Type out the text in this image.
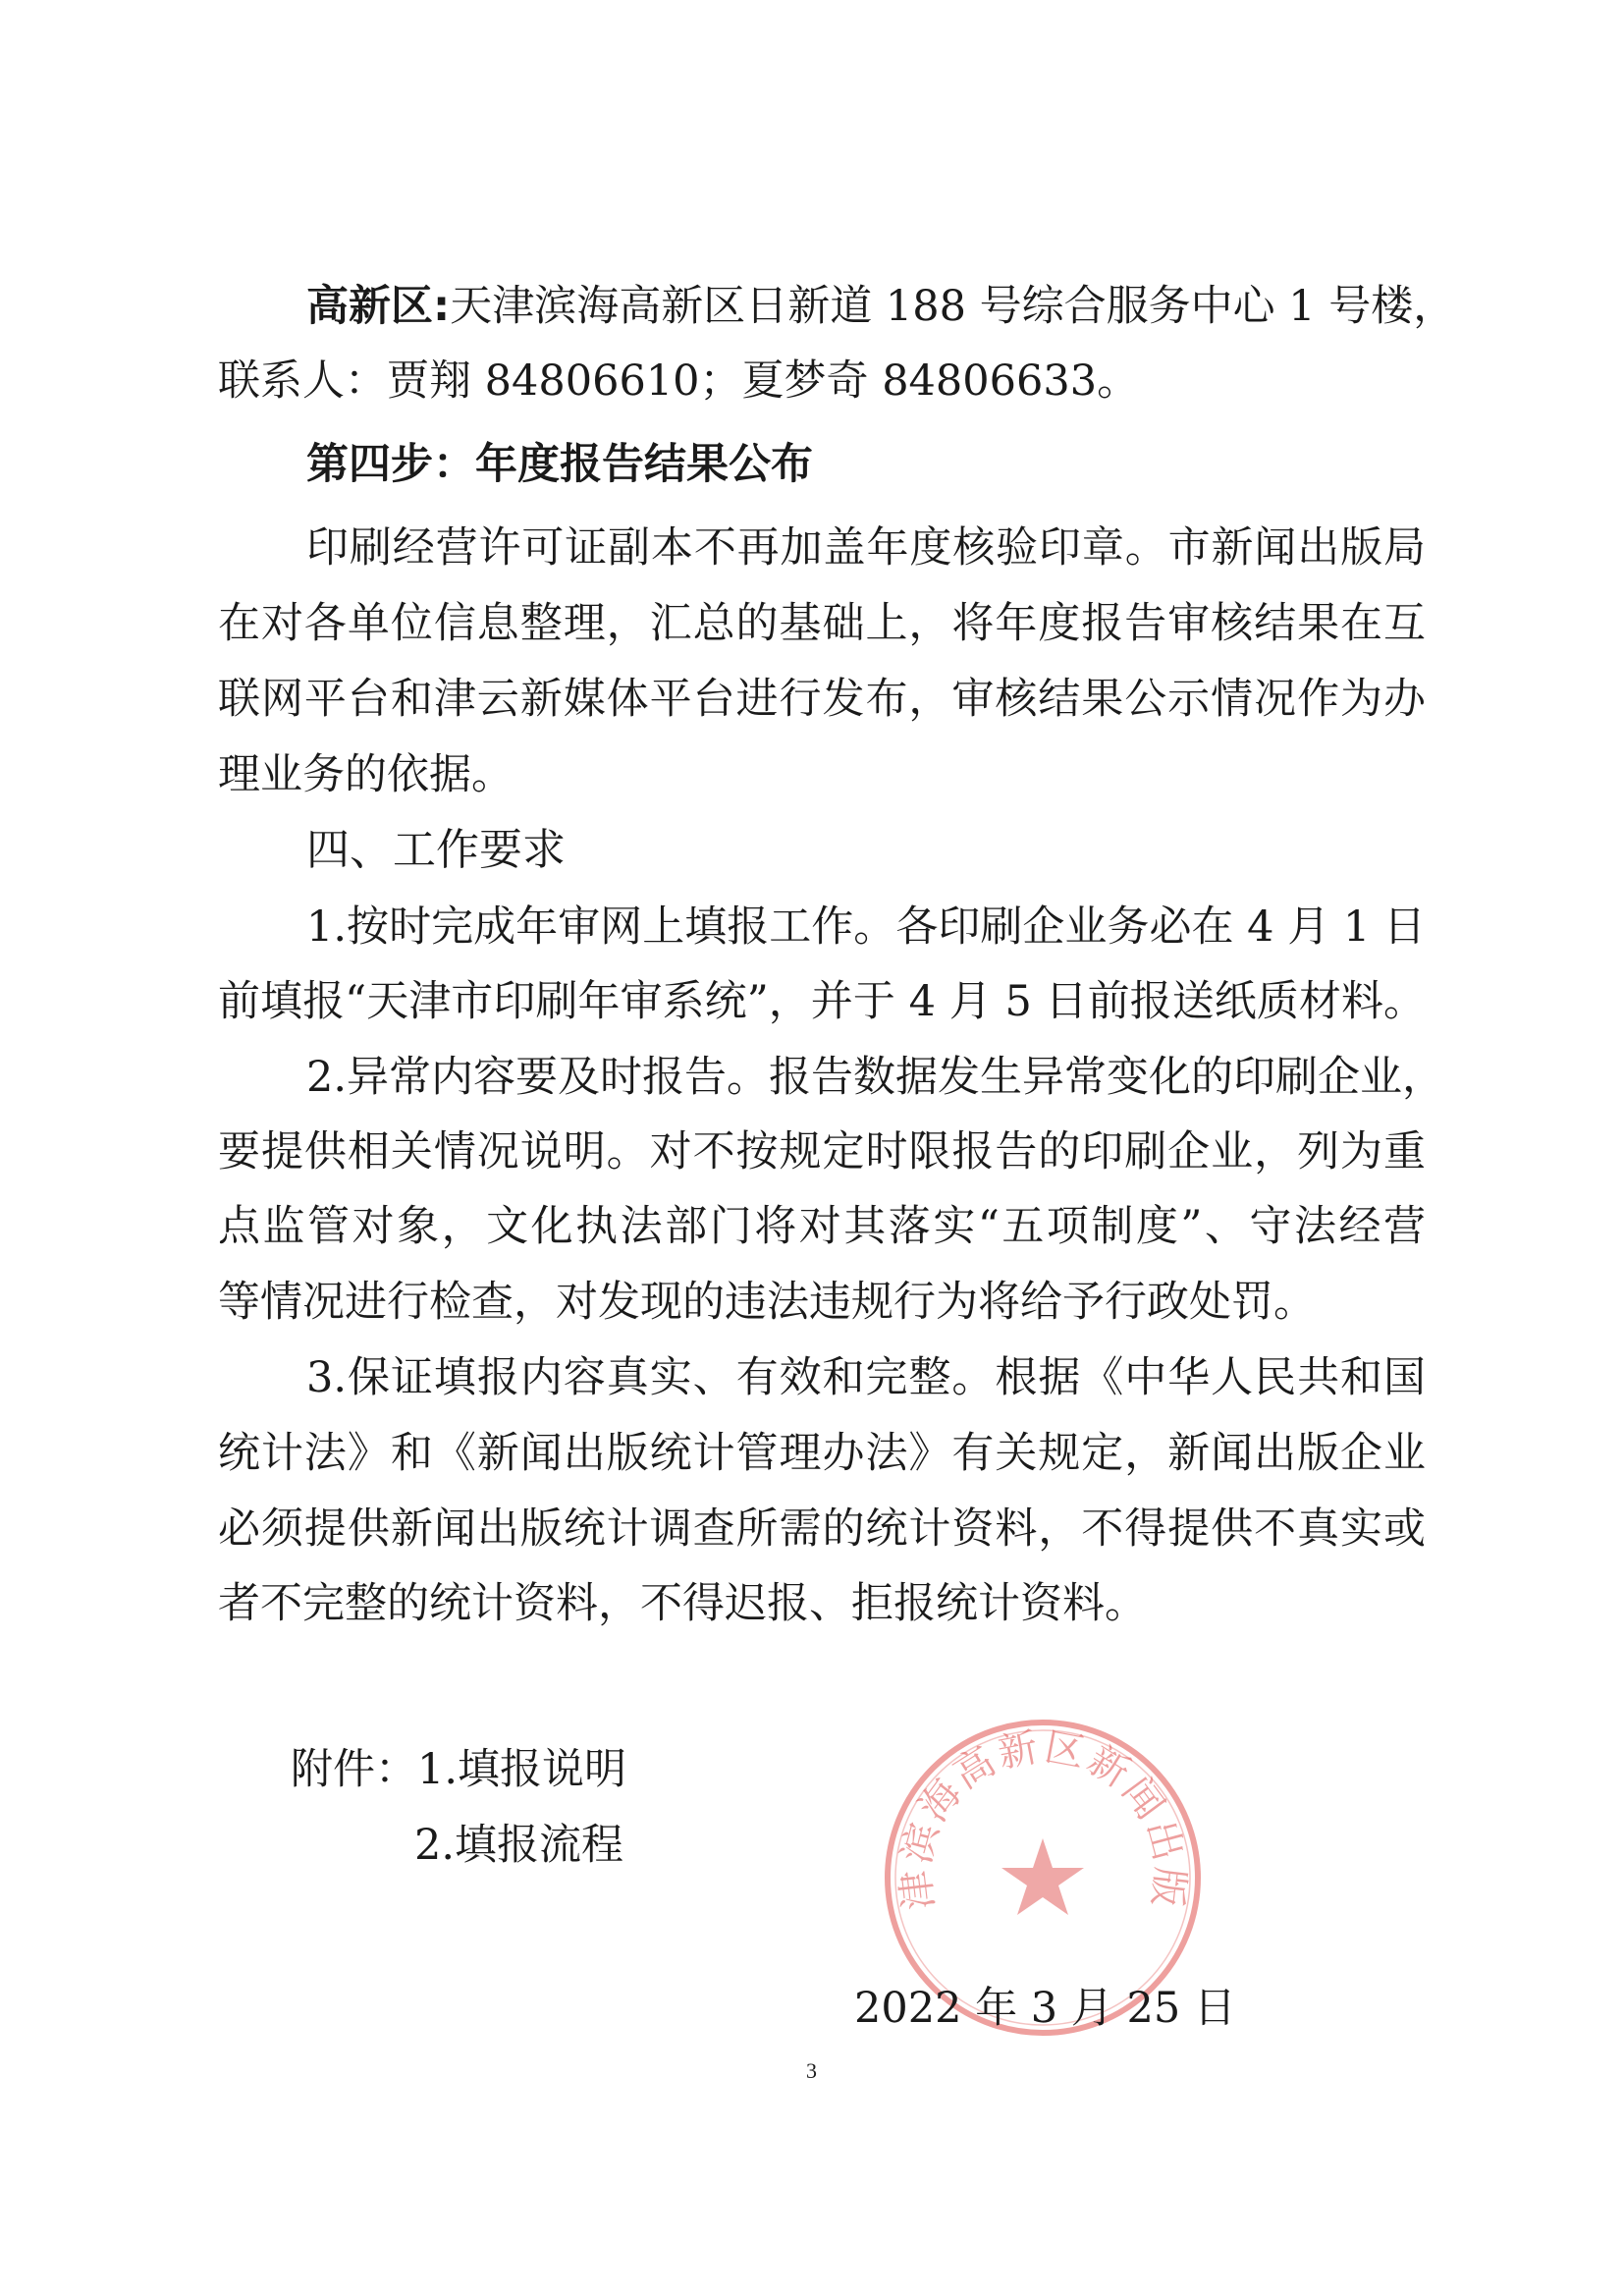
高新区:天津滨海高新区日新道 188 号综合服务中心 1 号楼，
联系人：贾翔 84806610；夏梦奇 84806633。
第四步：年度报告结果公布
印刷经营许可证副本不再加盖年度核验印章。市新闻出版局
在对各单位信息整理，汇总的基础上，将年度报告审核结果在互
联网平台和津云新媒体平台进行发布，审核结果公示情况作为办
理业务的依据。
四、工作要求
1.按时完成年审网上填报工作。各印刷企业务必在 4 月 1 日
前填报“天津市印刷年审系统”，并于 4 月 5 日前报送纸质材料。
2.异常内容要及时报告。报告数据发生异常变化的印刷企业，
要提供相关情况说明。对不按规定时限报告的印刷企业，列为重
点监管对象，文化执法部门将对其落实“五项制度”、守法经营
等情况进行检查，对发现的违法违规行为将给予行政处罚。
3.保证填报内容真实、有效和完整。根据《中华人民共和国
统计法》和《新闻出版统计管理办法》有关规定，新闻出版企业
必须提供新闻出版统计调查所需的统计资料，不得提供不真实或
者不完整的统计资料，不得迟报、拒报统计资料。
附件：1.填报说明
2.填报流程
津滨海高新区新闻出版
2022 年 3 月 25 日
3
